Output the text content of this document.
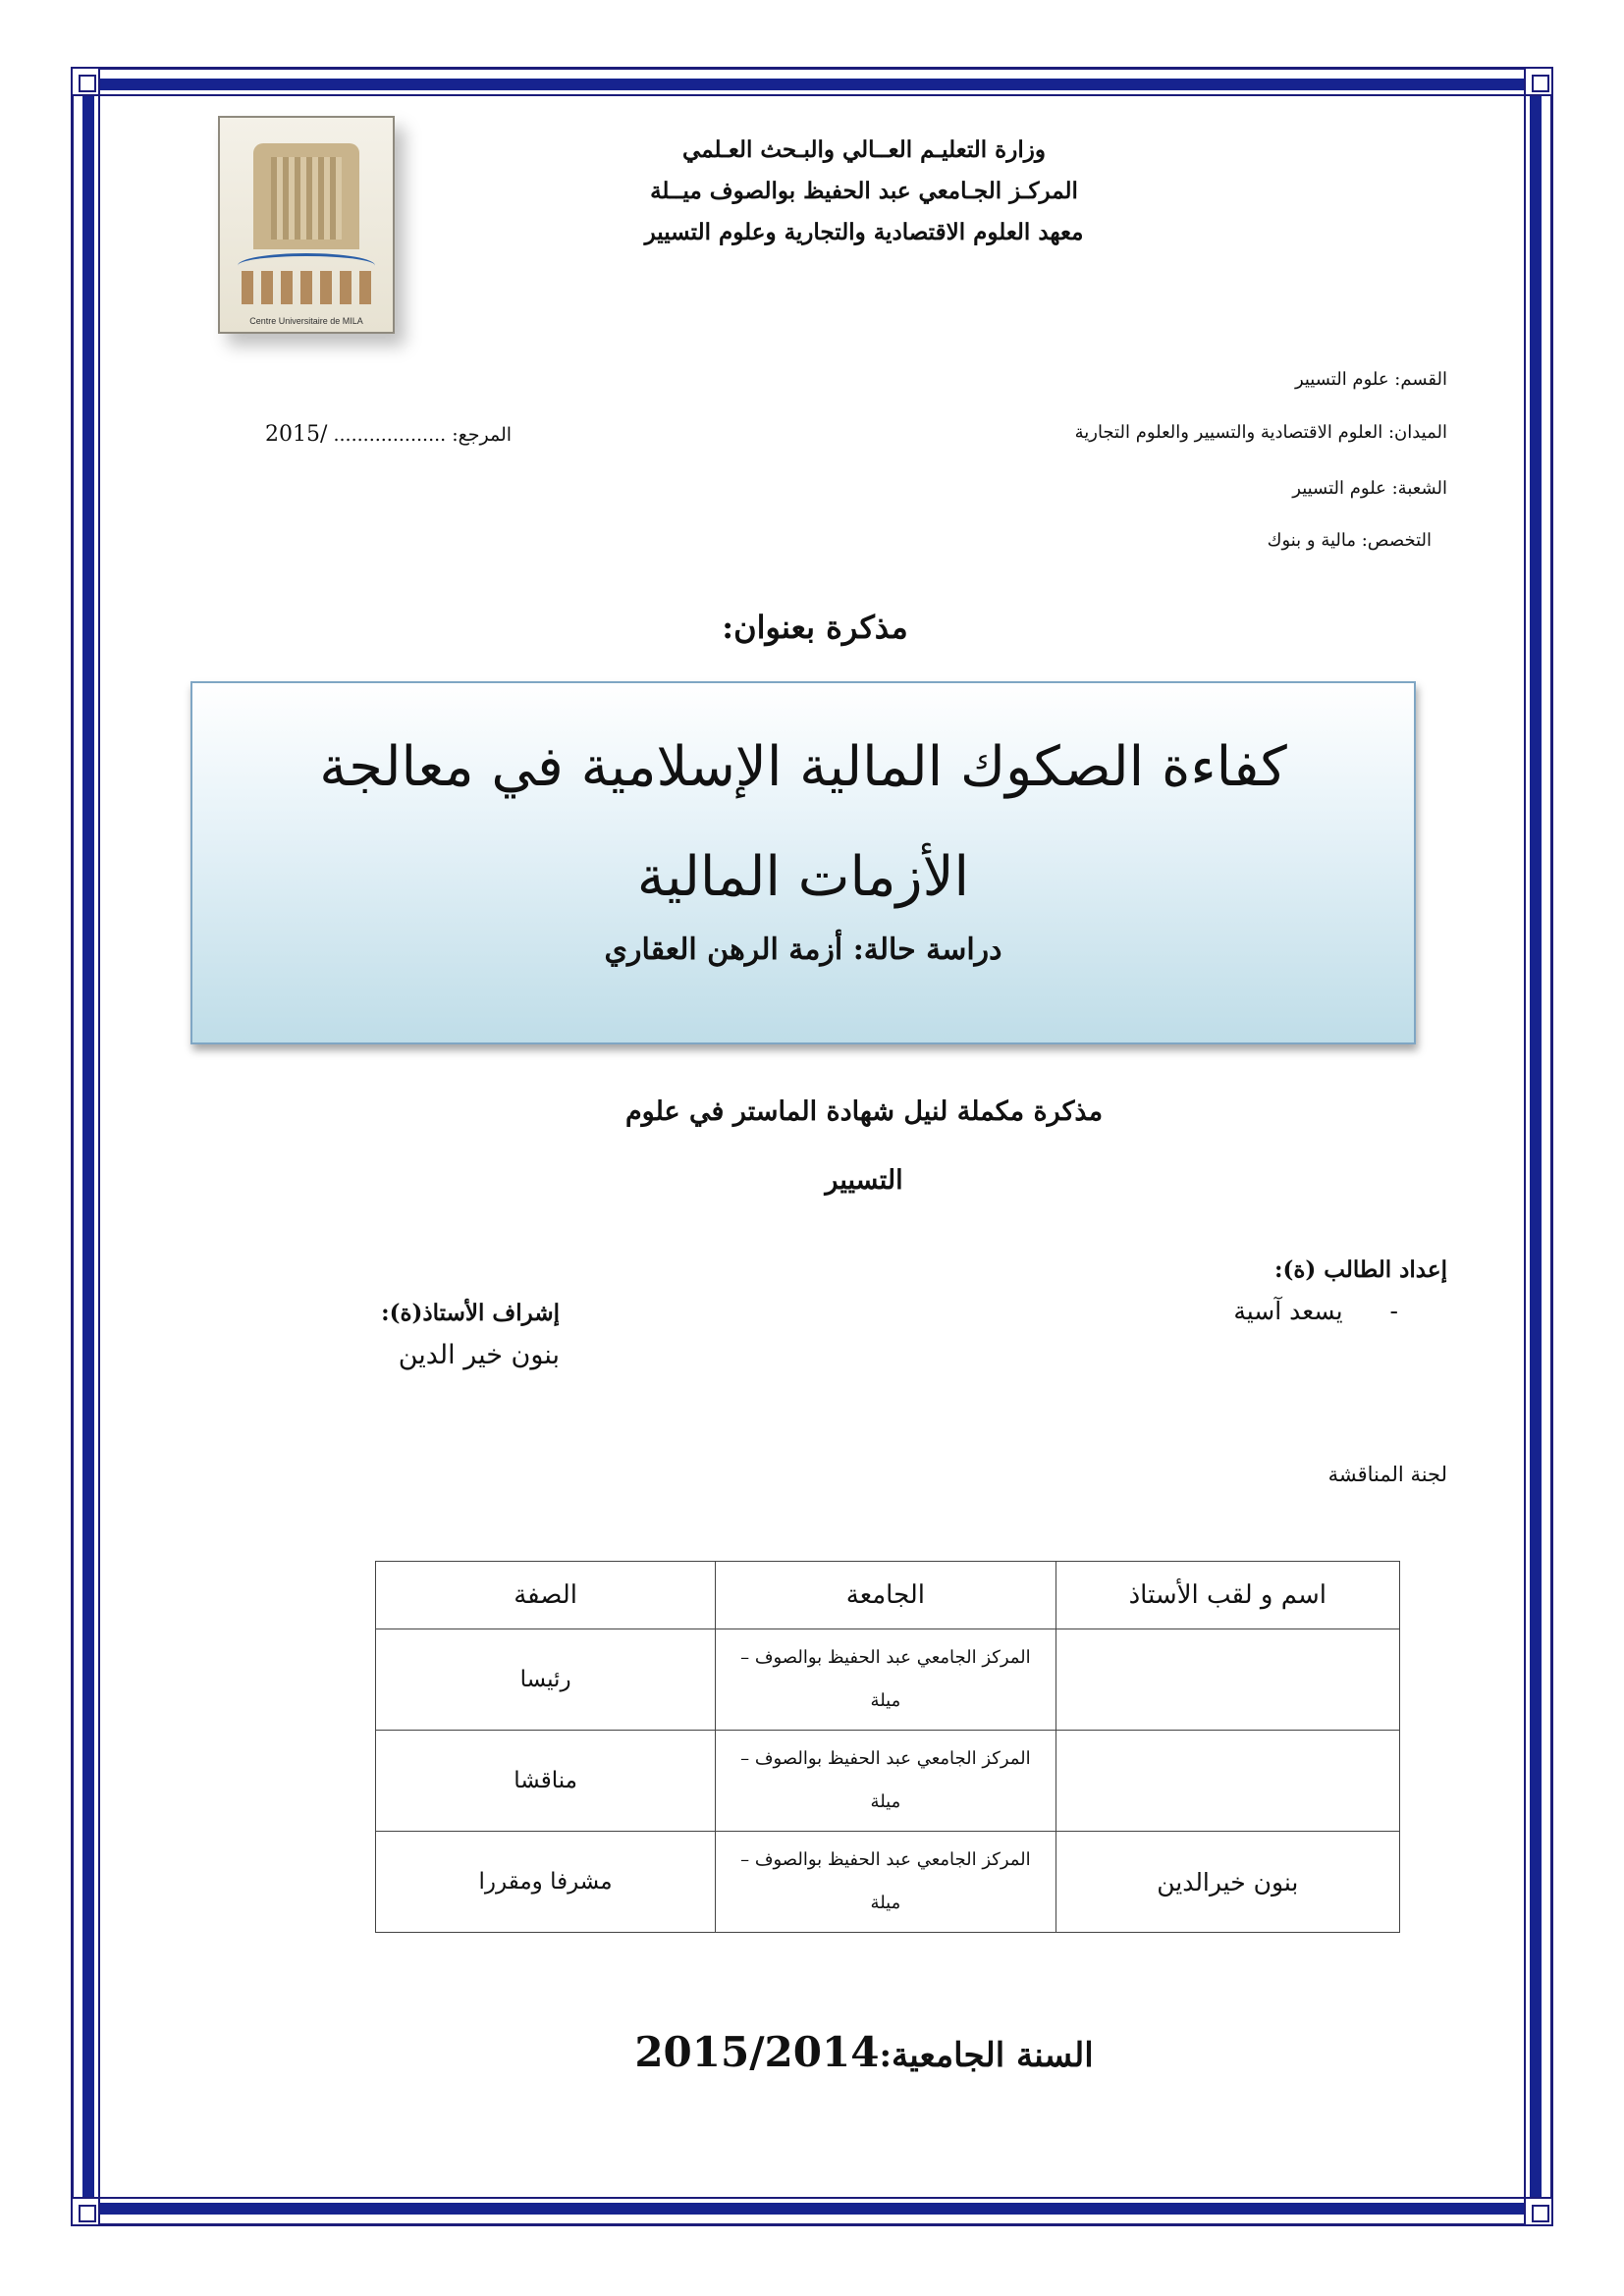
Centre Universitaire de MILA
وزارة التعليـم العــالي والبـحث العـلمي
المركـز الجـامعي عبد الحفيظ بوالصوف ميــلة
معهد العلوم الاقتصادية والتجارية وعلوم التسيير
القسم: علوم التسيير
الميدان: العلوم الاقتصادية والتسيير والعلوم التجارية
الشعبة: علوم التسيير
التخصص: مالية و بنوك
المرجع: ................... 2015/
مذكرة بعنوان:
كفاءة الصكوك المالية الإسلامية في معالجة الأزمات المالية
دراسة حالة: أزمة الرهن العقاري
مذكرة مكملة لنيل شهادة الماستر في علوم التسيير
إعداد الطالب (ة):
- يسعد آسية
إشراف الأستاذ(ة):
بنون خير الدين
لجنة المناقشة
اسم و لقب الأستاذ	الجامعة	الصفة
	المركز الجامعي عبد الحفيظ بوالصوف – ميلة	رئيسا
	المركز الجامعي عبد الحفيظ بوالصوف – ميلة	مناقشا
بنون خيرالدين	المركز الجامعي عبد الحفيظ بوالصوف – ميلة	مشرفا ومقررا
السنة الجامعية:2015/2014
